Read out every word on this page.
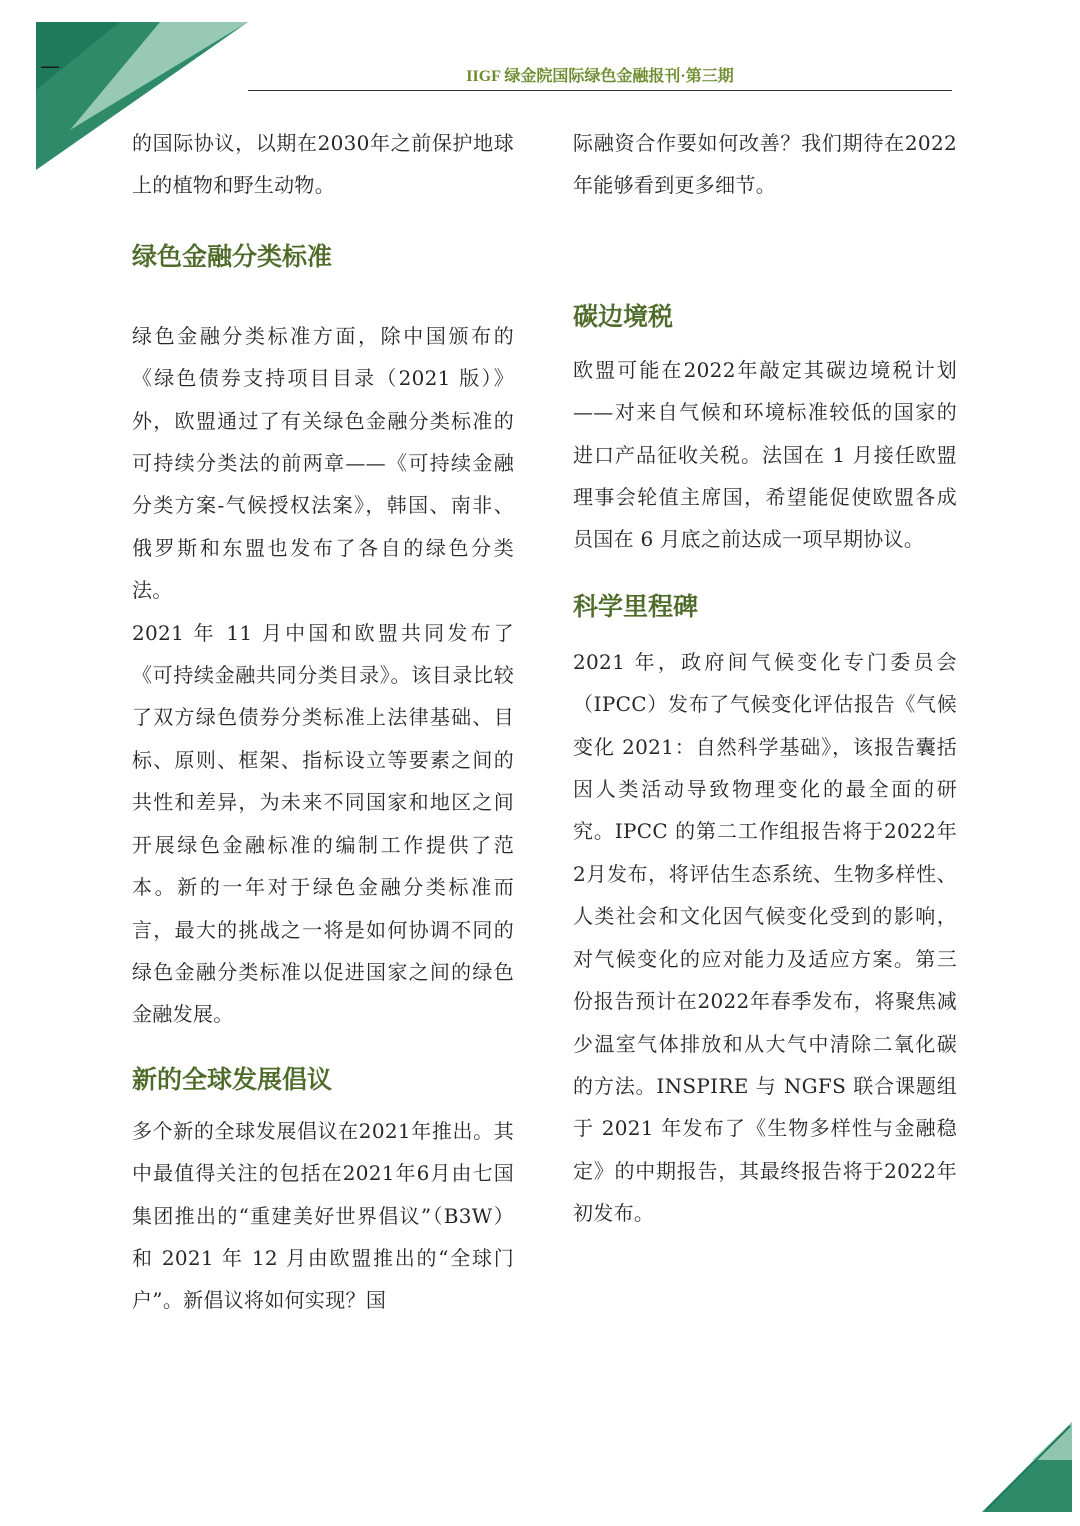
—	IIGF 绿金院国际绿色金融报刊·第三期

的国际协议，以期在2030年之前保护地球上的植物和野生动物。

绿色金融分类标准

绿色金融分类标准方面，除中国颁布的《绿色债券支持项目目录（2021 版）》外，欧盟通过了有关绿色金融分类标准的可持续分类法的前两章——《可持续金融分类方案-气候授权法案》，韩国、南非、俄罗斯和东盟也发布了各自的绿色分类法。

2021 年 11 月中国和欧盟共同发布了《可持续金融共同分类目录》。该目录比较了双方绿色债券分类标准上法律基础、目标、原则、框架、指标设立等要素之间的共性和差异，为未来不同国家和地区之间开展绿色金融标准的编制工作提供了范本。新的一年对于绿色金融分类标准而言，最大的挑战之一将是如何协调不同的绿色金融分类标准以促进国家之间的绿色金融发展。

新的全球发展倡议

多个新的全球发展倡议在2021年推出。其中最值得关注的包括在2021年6月由七国集团推出的“重建美好世界倡议”（B3W）和 2021 年 12 月由欧盟推出的“全球门户”。新倡议将如何实现？国

际融资合作要如何改善？我们期待在2022年能够看到更多细节。

碳边境税

欧盟可能在2022年敲定其碳边境税计划——对来自气候和环境标准较低的国家的进口产品征收关税。法国在 1 月接任欧盟理事会轮值主席国，希望能促使欧盟各成员国在 6 月底之前达成一项早期协议。

科学里程碑

2021 年，政府间气候变化专门委员会（IPCC）发布了气候变化评估报告《气候变化 2021：自然科学基础》，该报告囊括因人类活动导致物理变化的最全面的研究。IPCC 的第二工作组报告将于2022年2月发布，将评估生态系统、生物多样性、人类社会和文化因气候变化受到的影响，对气候变化的应对能力及适应方案。第三份报告预计在2022年春季发布，将聚焦减少温室气体排放和从大气中清除二氧化碳的方法。INSPIRE 与 NGFS 联合课题组于 2021 年发布了《生物多样性与金融稳定》的中期报告，其最终报告将于2022年初发布。
